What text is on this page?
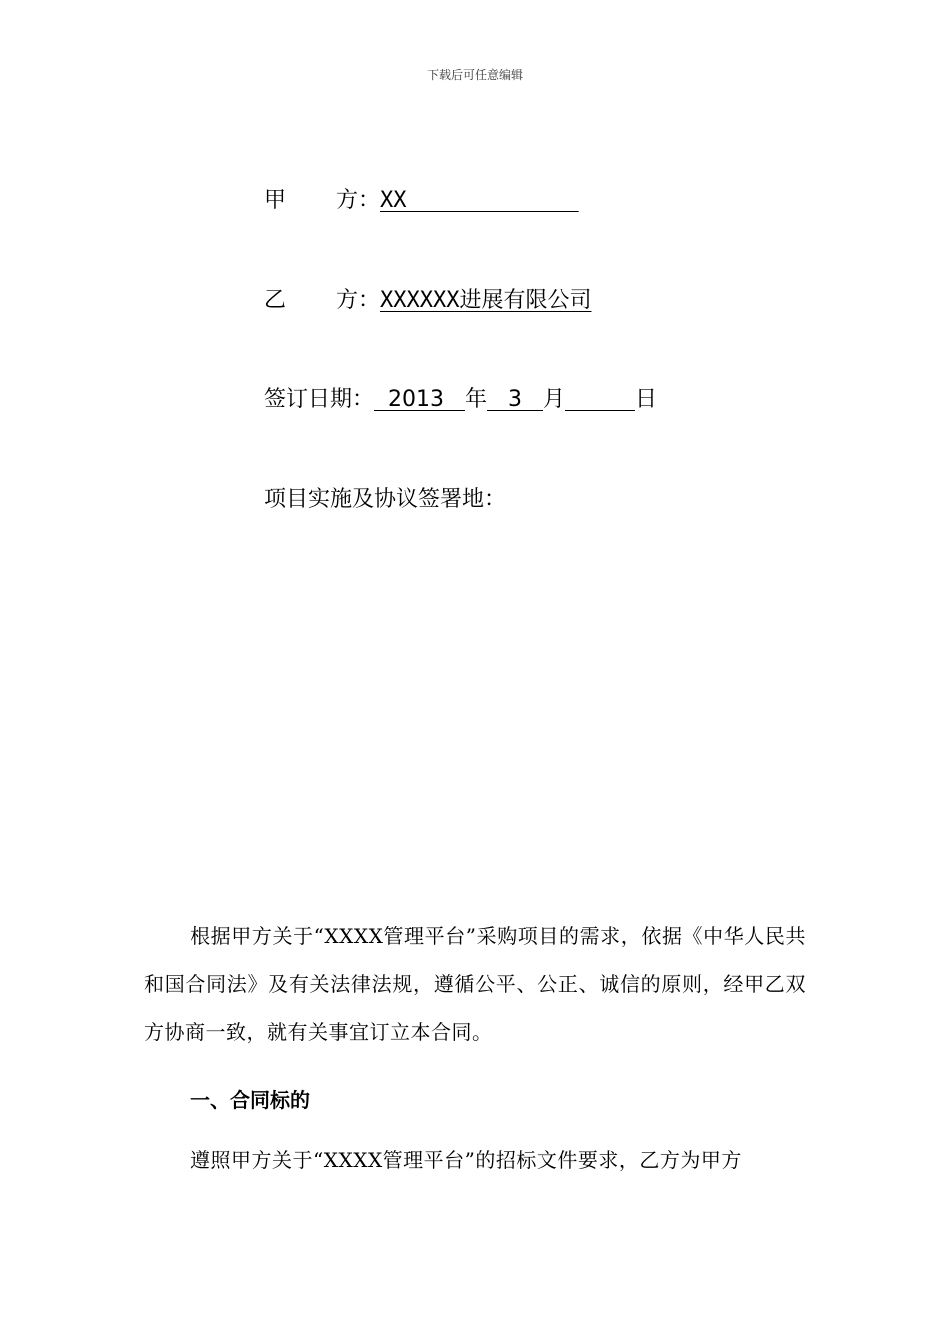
下载后可任意编辑
甲 方：XX
乙 方：XXXXXX进展有限公司
签订日期： 2013 年 3 月	日
项目实施及协议签署地：
根据甲方关于“XXXX管理平台”采购项目的需求，依据《中华人民共和国合同法》及有关法律法规，遵循公平、公正、诚信的原则，经甲乙双方协商一致，就有关事宜订立本合同。
一、合同标的
遵照甲方关于“XXXX管理平台”的招标文件要求，乙方为甲方
